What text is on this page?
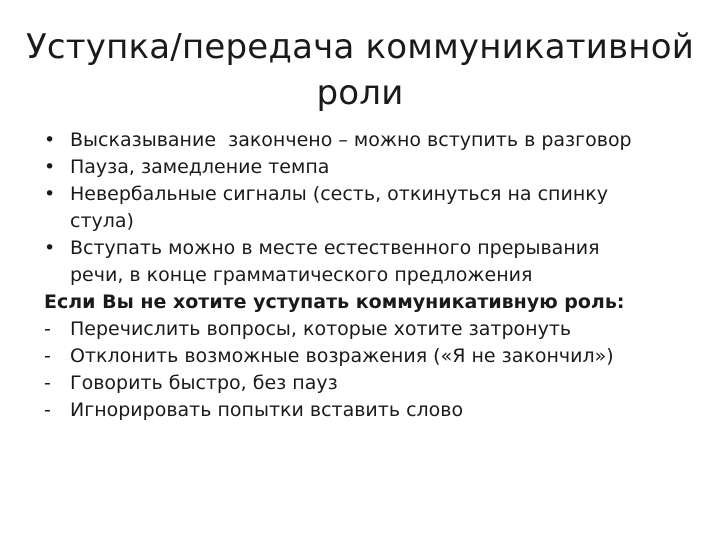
Уступка/передача коммуникативной
роли
• Высказывание  закончено – можно вступить в разговор
• Пауза, замедление темпа
• Невербальные сигналы (сесть, откинуться на спинку
стула)
• Вступать можно в месте естественного прерывания
речи, в конце грамматического предложения
Если Вы не хотите уступать коммуникативную роль:
- Перечислить вопросы, которые хотите затронуть
- Отклонить возможные возражения («Я не закончил»)
- Говорить быстро, без пауз
- Игнорировать попытки вставить слово
